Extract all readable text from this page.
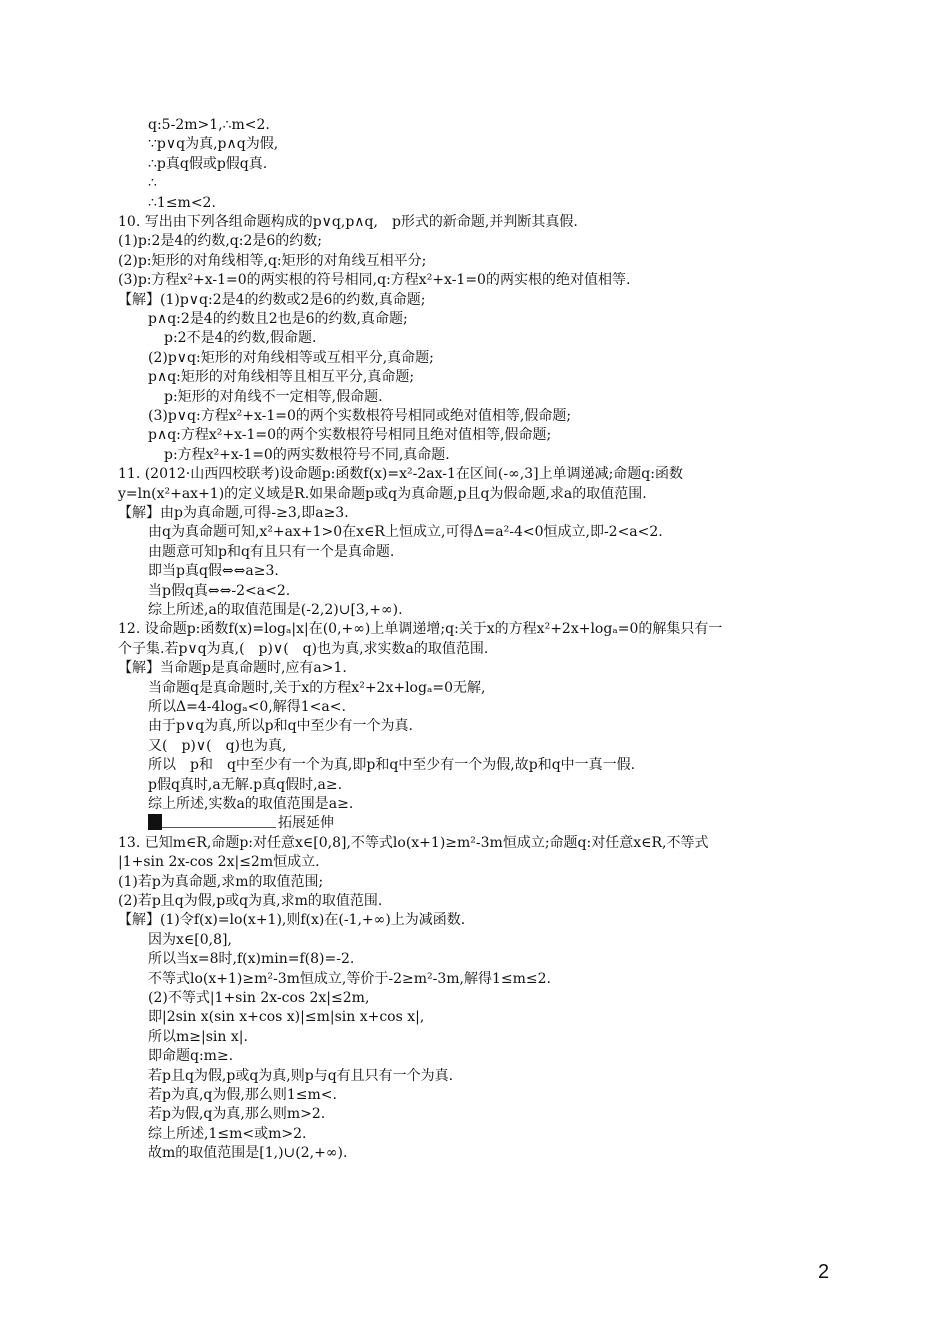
q:5-2m>1,∴m<2.
∵p∨q为真,p∧q为假,
∴p真q假或p假q真.
∴
∴1≤m<2.
10. 写出由下列各组命题构成的p∨q,p∧q,　p形式的新命题,并判断其真假.
(1)p:2是4的约数,q:2是6的约数;
(2)p:矩形的对角线相等,q:矩形的对角线互相平分;
(3)p:方程x²+x-1=0的两实根的符号相同,q:方程x²+x-1=0的两实根的绝对值相等.
【解】(1)p∨q:2是4的约数或2是6的约数,真命题;
p∧q:2是4的约数且2也是6的约数,真命题;
p:2不是4的约数,假命题.
(2)p∨q:矩形的对角线相等或互相平分,真命题;
p∧q:矩形的对角线相等且相互平分,真命题;
p:矩形的对角线不一定相等,假命题.
(3)p∨q:方程x²+x-1=0的两个实数根符号相同或绝对值相等,假命题;
p∧q:方程x²+x-1=0的两个实数根符号相同且绝对值相等,假命题;
p:方程x²+x-1=0的两实数根符号不同,真命题.
11. (2012·山西四校联考)设命题p:函数f(x)=x²-2ax-1在区间(-∞,3]上单调递减;命题q:函数
y=ln(x²+ax+1)的定义域是R.如果命题p或q为真命题,p且q为假命题,求a的取值范围.
【解】由p为真命题,可得-≥3,即a≥3.
由q为真命题可知,x²+ax+1>0在x∈R上恒成立,可得Δ=a²-4<0恒成立,即-2<a<2.
由题意可知p和q有且只有一个是真命题.
即当p真q假⇔⇔a≥3.
当p假q真⇔⇔-2<a<2.
综上所述,a的取值范围是(-2,2)∪[3,+∞).
12. 设命题p:函数f(x)=logₐ|x|在(0,+∞)上单调递增;q:关于x的方程x²+2x+logₐ=0的解集只有一
个子集.若p∨q为真,(　p)∨(　q)也为真,求实数a的取值范围.
【解】当命题p是真命题时,应有a>1.
当命题q是真命题时,关于x的方程x²+2x+logₐ=0无解,
所以Δ=4-4logₐ<0,解得1<a<.
由于p∨q为真,所以p和q中至少有一个为真.
又(　p)∨(　q)也为真,
所以　p和　q中至少有一个为真,即p和q中至少有一个为假,故p和q中一真一假.
p假q真时,a无解.p真q假时,a≥.
综上所述,实数a的取值范围是a≥.
拓展延伸
13. 已知m∈R,命题p:对任意x∈[0,8],不等式lo(x+1)≥m²-3m恒成立;命题q:对任意x∈R,不等式
|1+sin 2x-cos 2x|≤2m恒成立.
(1)若p为真命题,求m的取值范围;
(2)若p且q为假,p或q为真,求m的取值范围.
【解】(1)令f(x)=lo(x+1),则f(x)在(-1,+∞)上为减函数.
因为x∈[0,8],
所以当x=8时,f(x)min=f(8)=-2.
不等式lo(x+1)≥m²-3m恒成立,等价于-2≥m²-3m,解得1≤m≤2.
(2)不等式|1+sin 2x-cos 2x|≤2m,
即|2sin x(sin x+cos x)|≤m|sin x+cos x|,
所以m≥|sin x|.
即命题q:m≥.
若p且q为假,p或q为真,则p与q有且只有一个为真.
若p为真,q为假,那么则1≤m<.
若p为假,q为真,那么则m>2.
综上所述,1≤m<或m>2.
故m的取值范围是[1,)∪(2,+∞).
2
